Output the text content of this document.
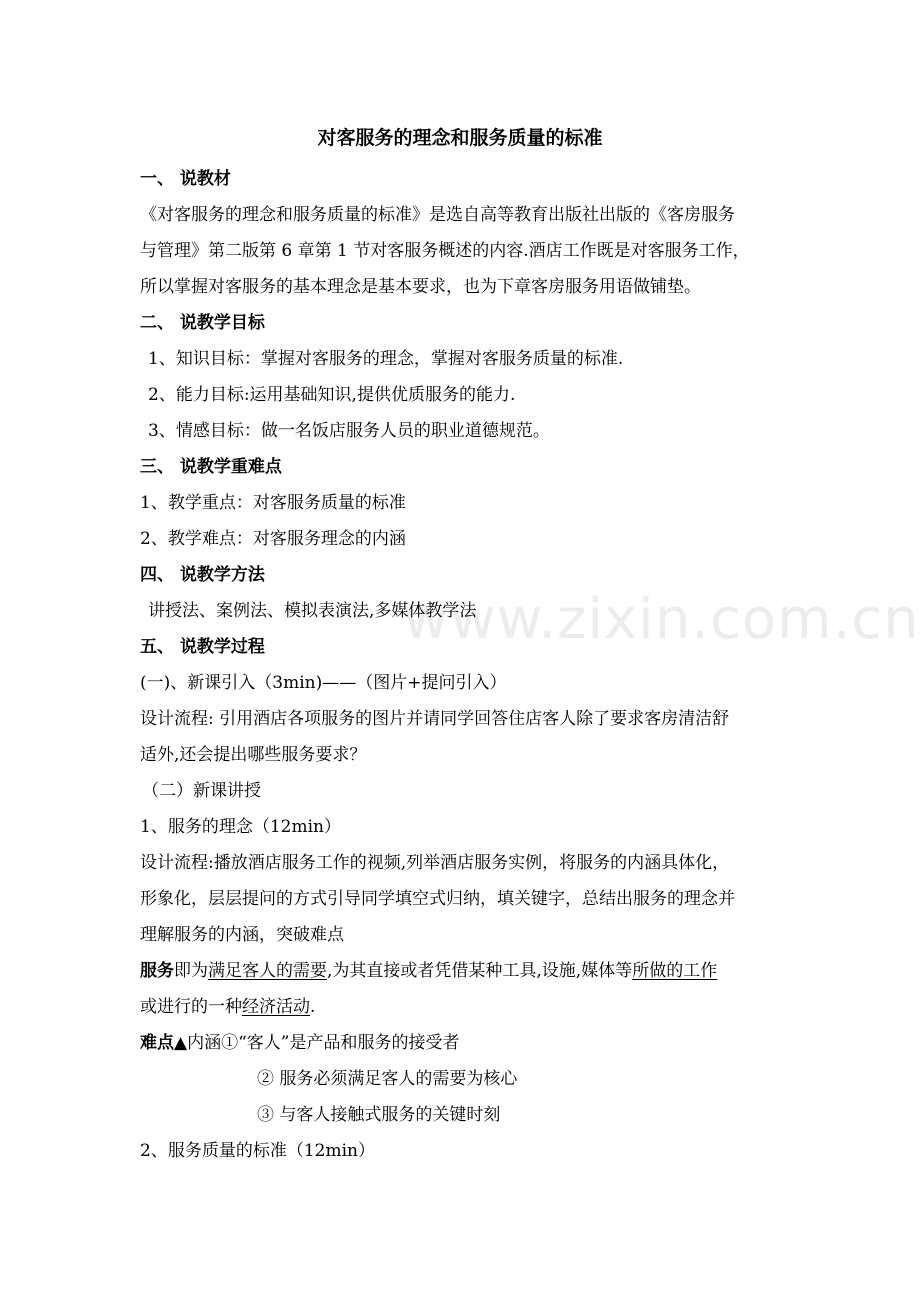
www.zixin.com.cn
对客服务的理念和服务质量的标准
一、 说教材
《对客服务的理念和服务质量的标准》是选自高等教育出版社出版的《客房服务
与管理》第二版第 6 章第 1 节对客服务概述的内容.酒店工作既是对客服务工作，
所以掌握对客服务的基本理念是基本要求，也为下章客房服务用语做铺垫。
二、 说教学目标
1、知识目标：掌握对客服务的理念，掌握对客服务质量的标准.
2、能力目标:运用基础知识,提供优质服务的能力.
3、情感目标：做一名饭店服务人员的职业道德规范。
三、 说教学重难点
1、教学重点：对客服务质量的标准
2、教学难点：对客服务理念的内涵
四、 说教学方法
讲授法、案例法、模拟表演法,多媒体教学法
五、 说教学过程
(一)、新课引入（3min)——（图片+提问引入）
设计流程: 引用酒店各项服务的图片并请同学回答住店客人除了要求客房清洁舒
适外,还会提出哪些服务要求？
（二）新课讲授
1、服务的理念（12min）
设计流程:播放酒店服务工作的视频,列举酒店服务实例，将服务的内涵具体化，
形象化，层层提问的方式引导同学填空式归纳，填关键字，总结出服务的理念并
理解服务的内涵，突破难点
服务即为满足客人的需要,为其直接或者凭借某种工具,设施,媒体等所做的工作
或进行的一种经济活动.
难点▲内涵①“客人”是产品和服务的接受者
② 服务必须满足客人的需要为核心
③ 与客人接触式服务的关键时刻
2、服务质量的标准（12min）
